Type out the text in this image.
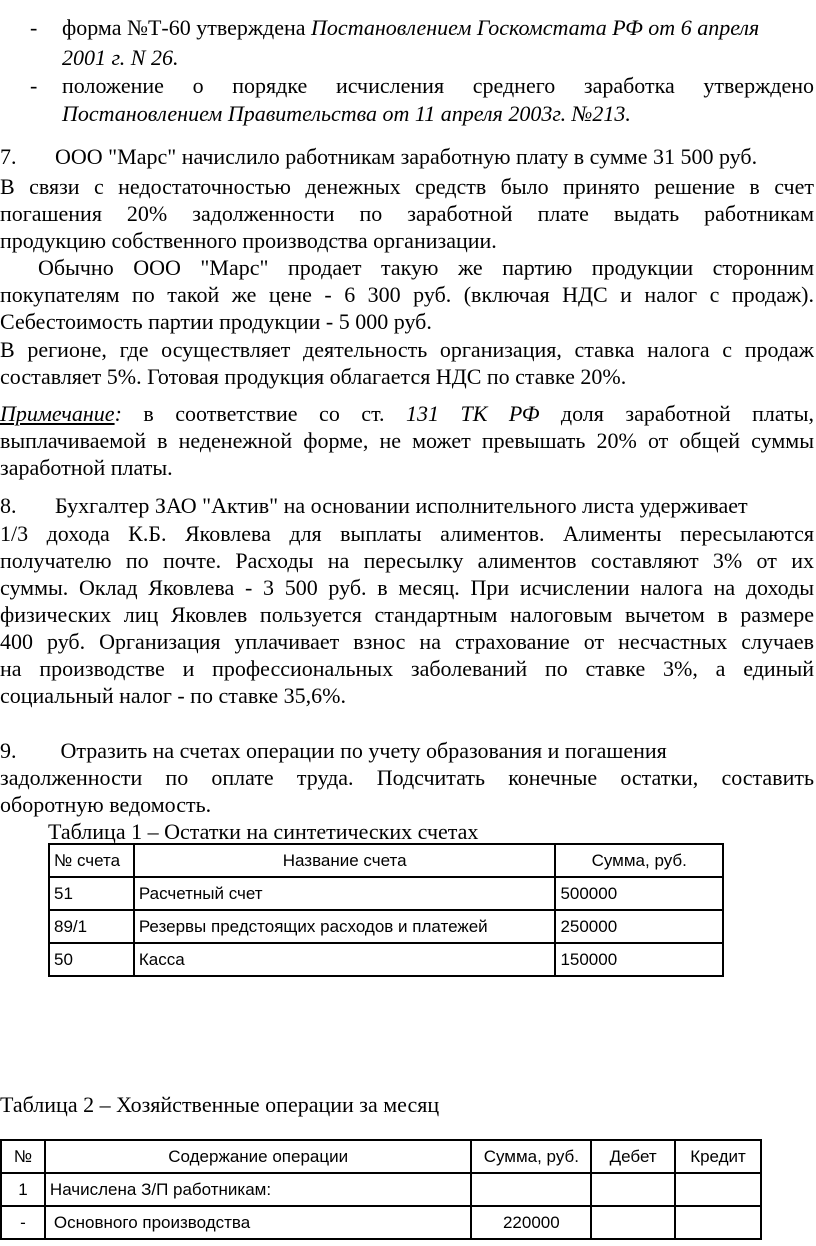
- форма №Т-60 утверждена Постановлением Госкомстата РФ от 6 апреля
2001 г. N 26.
- положение о порядке исчисления среднего заработка утверждено
Постановлением Правительства от 11 апреля 2003г. №213.
7.       ООО "Марс" начислило работникам заработную плату в сумме 31 500 руб.
В связи с недостаточностью денежных средств было принято решение в счет
погашения 20% задолженности по заработной плате выдать работникам
продукцию собственного производства организации.
Обычно ООО "Марс" продает такую же партию продукции сторонним
покупателям по такой же цене - 6 300 руб. (включая НДС и налог с продаж).
Себестоимость партии продукции - 5 000 руб.
В регионе, где осуществляет деятельность организация, ставка налога с продаж
составляет 5%. Готовая продукция облагается НДС по ставке 20%.
Примечание: в соответствие со ст. 131 ТК РФ доля заработной платы,
выплачиваемой в неденежной форме, не может превышать 20% от общей суммы
заработной платы.
8.       Бухгалтер ЗАО "Актив" на основании исполнительного листа удерживает
1/3 дохода К.Б. Яковлева для выплаты алиментов. Алименты пересылаются
получателю по почте. Расходы на пересылку алиментов составляют 3% от их
суммы. Оклад Яковлева - 3 500 руб. в месяц. При исчислении налога на доходы
физических лиц Яковлев пользуется стандартным налоговым вычетом в размере
400 руб. Организация уплачивает взнос на страхование от несчастных случаев
на производстве и профессиональных заболеваний по ставке 3%, а единый
социальный налог - по ставке 35,6%.
9.        Отразить на счетах операции по учету образования и погашения
задолженности по оплате труда. Подсчитать конечные остатки, составить
оборотную ведомость.
Таблица 1 – Остатки на синтетических счетах
№ счета	Название счета	Сумма, руб.
51	Расчетный счет	500000
89/1	Резервы предстоящих расходов и платежей	250000
50	Касса	150000
Таблица 2 – Хозяйственные операции за месяц
№	Содержание операции	Сумма, руб.	Дебет	Кредит
1	Начислена З/П работникам:			
-	Основного производства	220000		
